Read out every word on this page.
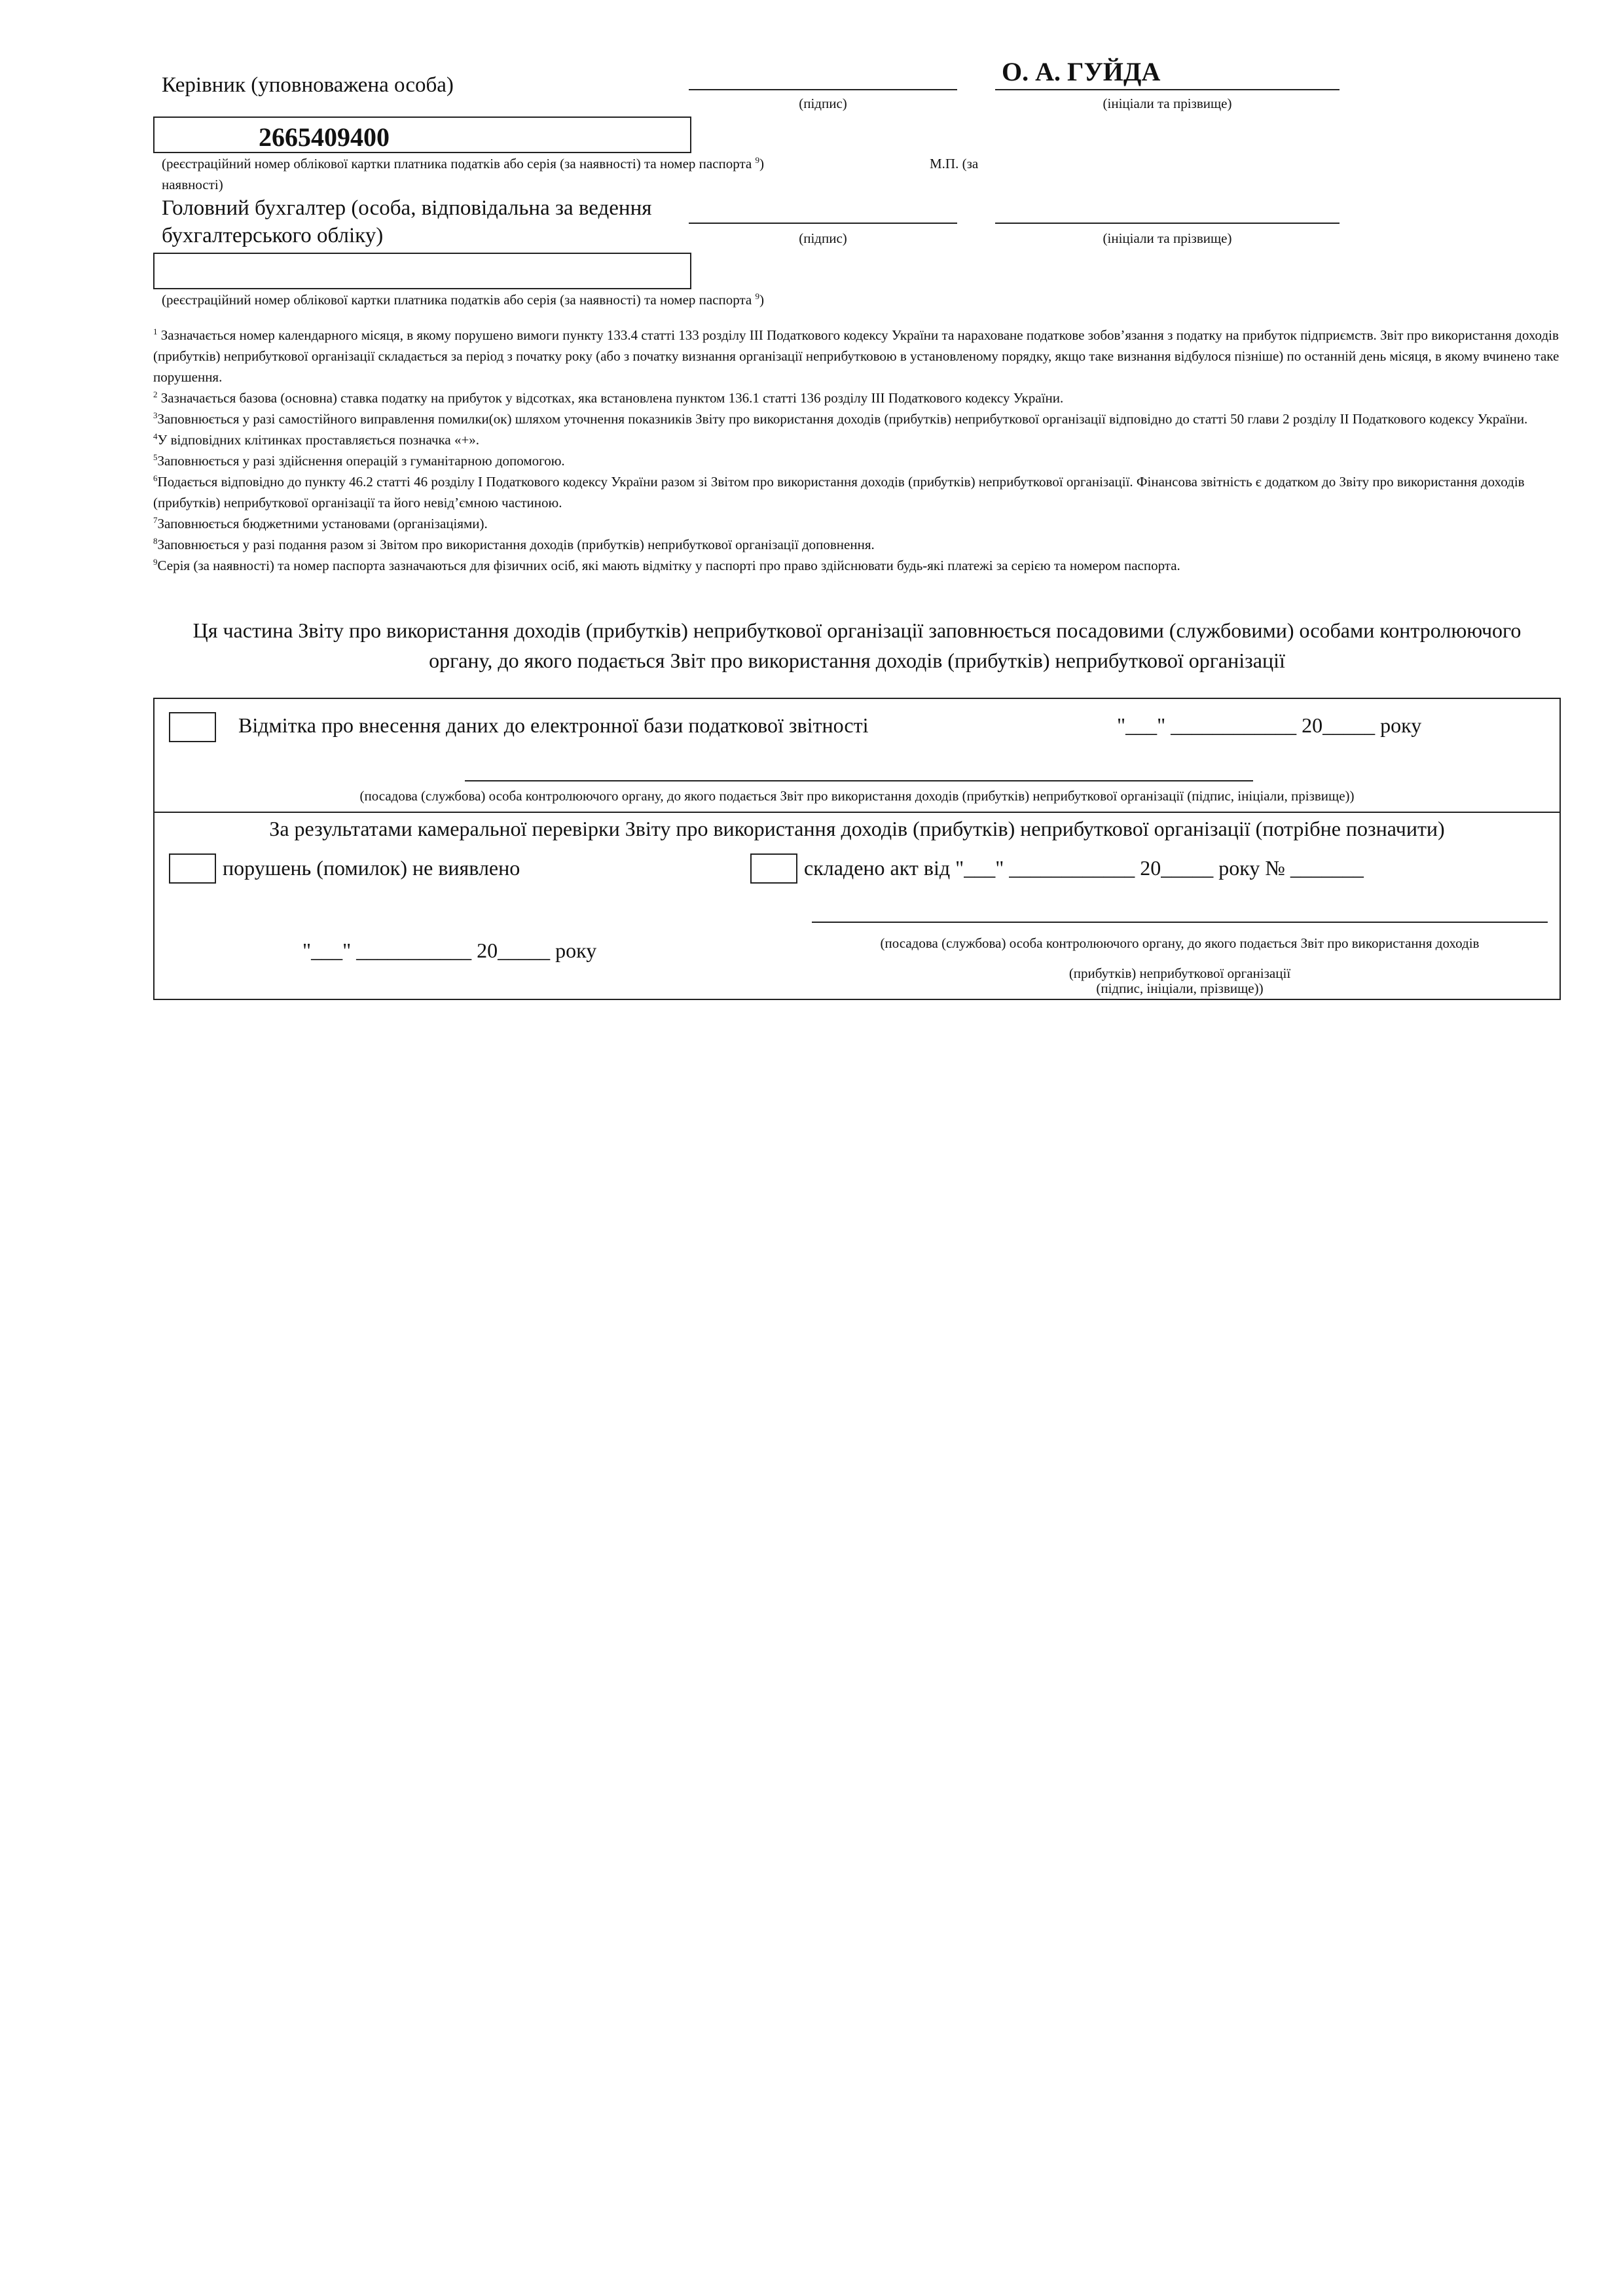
Керівник (уповноважена особа)
(підпис)
О. А. ГУЙДА
(ініціали та прізвище)
2665409400
(реєстраційний номер облікової картки платника податків або серія (за наявності) та номер паспорта $^9$)	М.П. (за
наявності)
Головний бухгалтер (особа, відповідальна за ведення
бухгалтерського обліку)	(підпис)	(ініціали та прізвище)
(реєстраційний номер облікової картки платника податків або серія (за наявності) та номер паспорта $^9$)

$^1$ Зазначається номер календарного місяця, в якому порушено вимоги пункту 133.4 статті 133 розділу ІІІ Податкового кодексу України та нараховане податкове зобов’язання з податку на прибуток підприємств. Звіт про використання доходів (прибутків) неприбуткової організації складається за період з початку року (або з початку визнання організації неприбутковою в установленому порядку, якщо таке визнання відбулося пізніше) по останній день місяця, в якому вчинено таке порушення.

$^2$ Зазначається базова (основна) ставка податку на прибуток у відсотках, яка встановлена пунктом 136.1 статті 136 розділу ІІІ Податкового кодексу України.

$^3$Заповнюється у разі самостійного виправлення помилки(ок) шляхом уточнення показників Звіту про використання доходів (прибутків) неприбуткової організації відповідно до статті 50 глави 2 розділу ІІ Податкового кодексу України.

$^4$У відповідних клітинках проставляється позначка «+».

$^5$Заповнюється у разі здійснення операцій з гуманітарною допомогою.

$^6$Подається відповідно до пункту 46.2 статті 46 розділу І Податкового кодексу України разом зі Звітом про використання доходів (прибутків) неприбуткової організації. Фінансова звітність є додатком до Звіту про використання доходів (прибутків) неприбуткової організації та його невід’ємною частиною.

$^7$Заповнюється бюджетними установами (організаціями).

$^8$Заповнюється у разі подання разом зі Звітом про використання доходів (прибутків) неприбуткової організації доповнення.

$^9$Серія (за наявності) та номер паспорта зазначаються для фізичних осіб, які мають відмітку у паспорті про право здійснювати будь-які платежі за серією та номером паспорта.

Ця частина Звіту про використання доходів (прибутків) неприбуткової організації заповнюється посадовими (службовими) особами контролюючого
органу, до якого подається Звіт про використання доходів (прибутків) неприбуткової організації
Відмітка про внесення даних до електронної бази податкової звітності	"___" ____________ 20_____ року
(посадова (службова) особа контролюючого органу, до якого подається Звіт про використання доходів (прибутків) неприбуткової організації (підпис, ініціали, прізвище))
За результатами камеральної перевірки Звіту про використання доходів (прибутків) неприбуткової організації (потрібне позначити)
порушень (помилок) не виявлено	складено акт від "___" ____________ 20_____ року № _______
"___" ___________ 20_____ року	(посадова (службова) особа контролюючого органу, до якого подається Звіт про використання доходів
(прибутків) неприбуткової організації
(підпис, ініціали, прізвище))
